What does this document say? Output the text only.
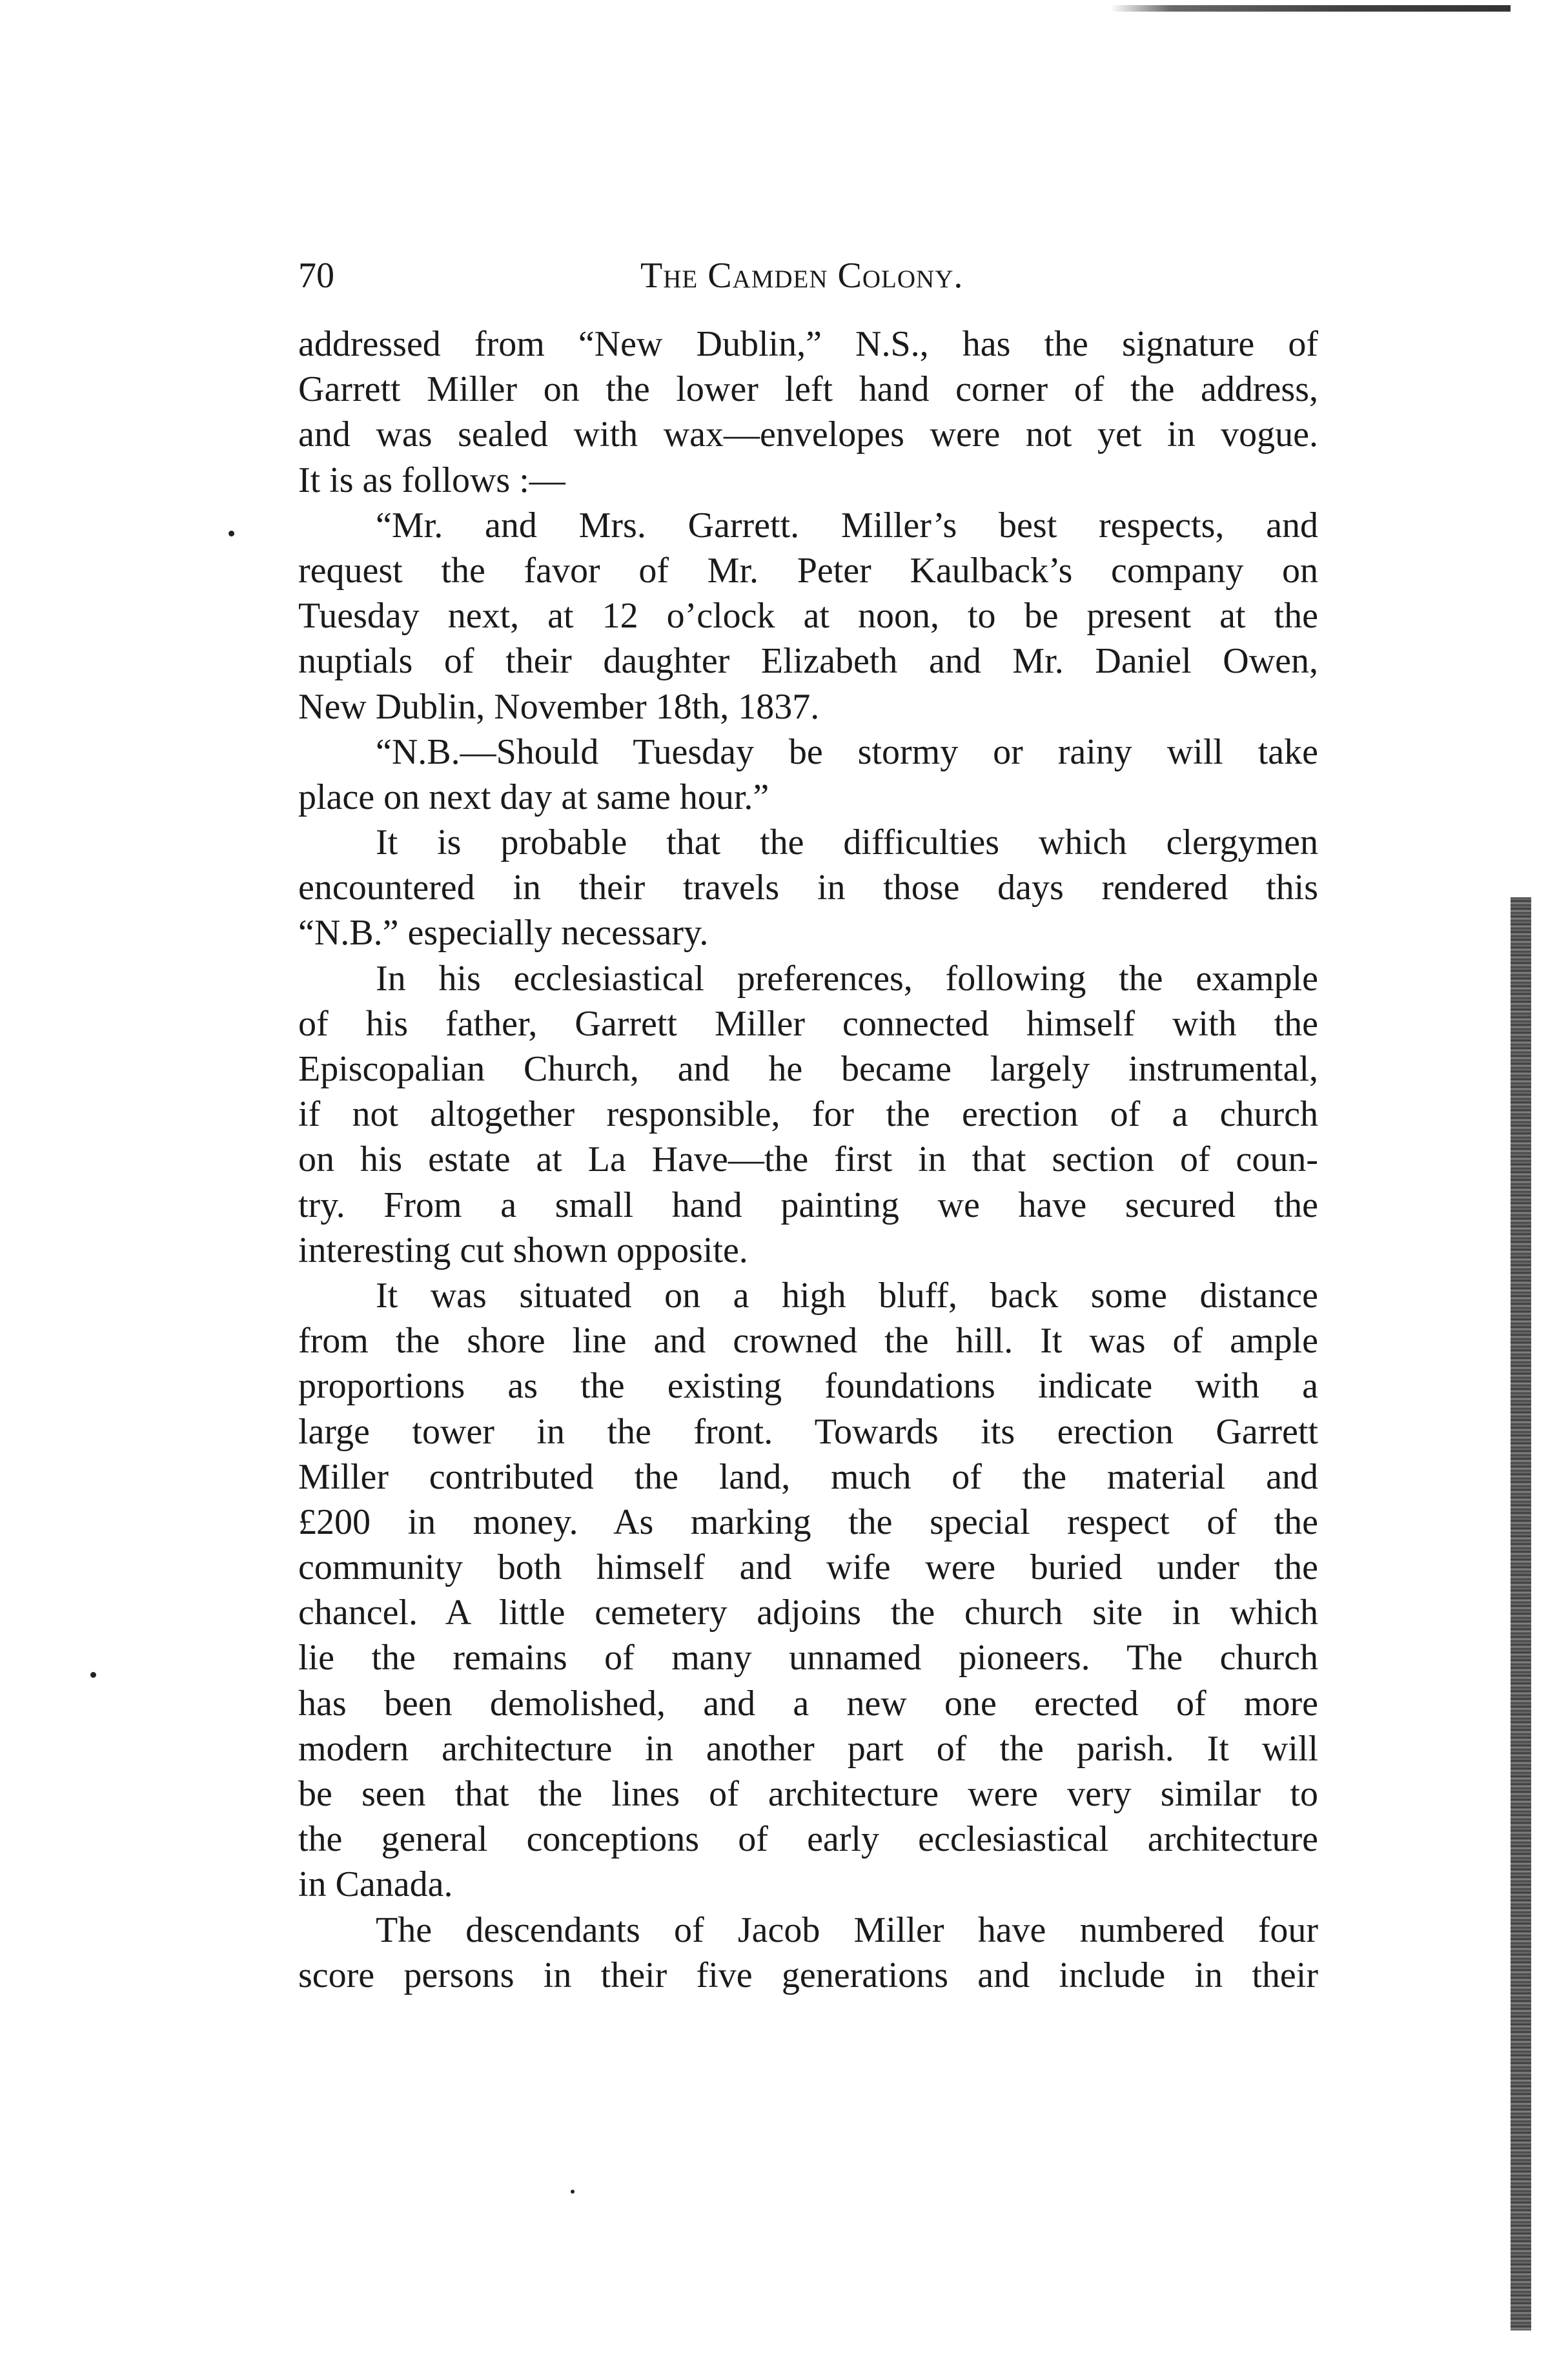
70	The Camden Colony.
addressed from “New Dublin,” N.S., has the signature of
Garrett Miller on the lower left hand corner of the address,
and was sealed with wax—envelopes were not yet in vogue.
It is as follows :—
“Mr. and Mrs. Garrett. Miller’s best respects, and
request the favor of Mr. Peter Kaulback’s company on
Tuesday next, at 12 o’clock at noon, to be present at the
nuptials of their daughter Elizabeth and Mr. Daniel Owen,
New Dublin, November 18th, 1837.
“N.B.—Should Tuesday be stormy or rainy will take
place on next day at same hour.”
It is probable that the difficulties which clergymen
encountered in their travels in those days rendered this
“N.B.” especially necessary.
In his ecclesiastical preferences, following the example
of his father, Garrett Miller connected himself with the
Episcopalian Church, and he became largely instrumental,
if not altogether responsible, for the erection of a church
on his estate at La Have—the first in that section of coun-
try. From a small hand painting we have secured the
interesting cut shown opposite.
It was situated on a high bluff, back some distance
from the shore line and crowned the hill. It was of ample
proportions as the existing foundations indicate with a
large tower in the front. Towards its erection Garrett
Miller contributed the land, much of the material and
£200 in money. As marking the special respect of the
community both himself and wife were buried under the
chancel. A little cemetery adjoins the church site in which
lie the remains of many unnamed pioneers. The church
has been demolished, and a new one erected of more
modern architecture in another part of the parish. It will
be seen that the lines of architecture were very similar to
the general conceptions of early ecclesiastical architecture
in Canada.
The descendants of Jacob Miller have numbered four
score persons in their five generations and include in their
